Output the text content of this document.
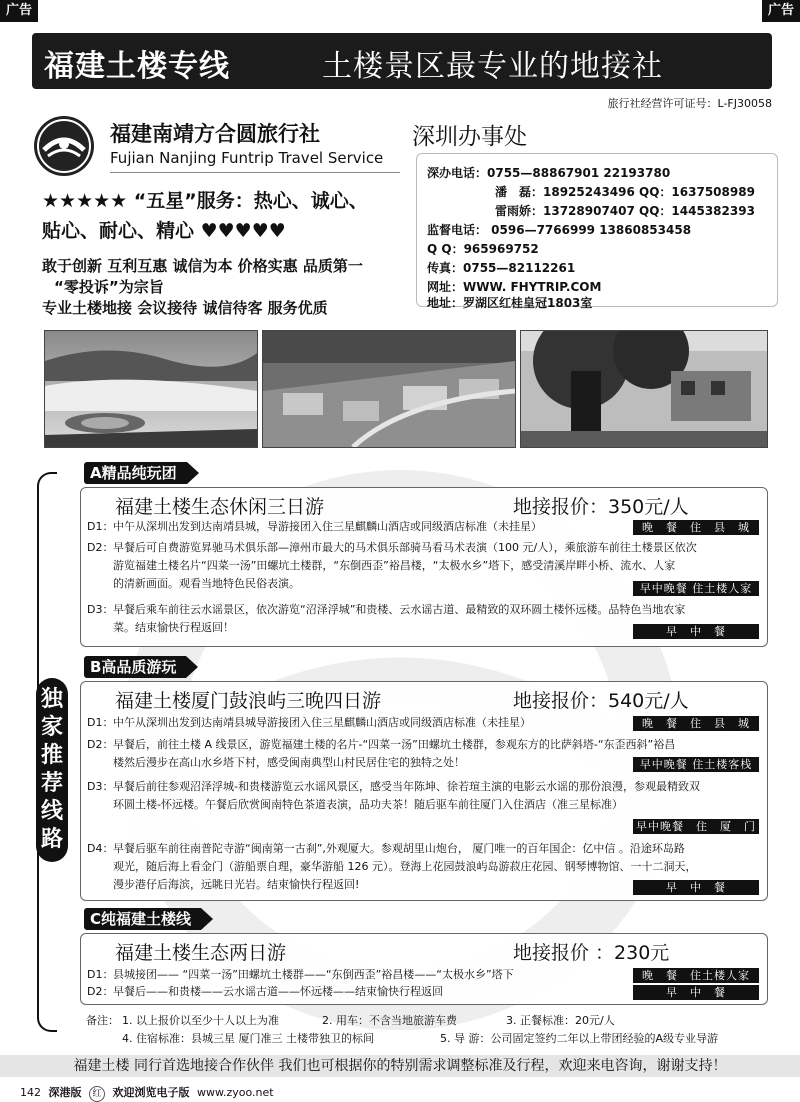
广告	广告
福建土楼专线	土楼景区最专业的地接社
旅行社经营许可证号：L-FJ30058
福建南靖方合圆旅行社
Fujian Nanjing Funtrip Travel Service
深圳办事处
★★★★★ “五星”服务：热心、诚心、
贴心、耐心、精心 ♥♥♥♥♥
敢于创新 互利互惠 诚信为本 价格实惠 品质第一
“零投诉”为宗旨
专业土楼地接 会议接待 诚信待客 服务优质
深办电话：0755—88867901 22193780
潘　磊：18925243496 QQ：1637508989
雷雨娇：13728907407 QQ：1445382393
监督电话： 0596—7766999 13860853458
Q Q：965969752
传真：0755—82112261
网址：WWW. FHYTRIP.COM
地址：罗湖区红桂皇冠1803室
独
家
推
荐
线
路
A精品纯玩团
福建土楼生态休闲三日游	地接报价：350元/人
D1： 中午从深圳出发到达南靖县城，导游接团入住三星麒麟山酒店或同级酒店标准（未挂星）	晚　餐　住　县　城
D2： 早餐后可自费游览昇驰马术俱乐部—漳州市最大的马术俱乐部骑马看马术表演（100 元/人），乘旅游车前往土楼景区依次
游览福建土楼名片“四菜一汤”田螺坑土楼群，“东倒西歪”裕昌楼，“太极水乡”塔下，感受清溪岸畔小桥、流水、人家
的清新画面。观看当地特色民俗表演。	早中晚餐 住土楼人家
D3： 早餐后乘车前往云水谣景区，依次游览“沼泽浮城”和贵楼、云水谣古道、最精致的双环圆土楼怀远楼。品特色当地农家
菜。结束愉快行程返回！	早　中　餐
B高品质游玩
福建土楼厦门鼓浪屿三晚四日游	地接报价：540元/人
D1： 中午从深圳出发到达南靖县城导游接团入住三星麒麟山酒店或同级酒店标准（未挂星）	晚　餐　住　县　城
D2： 早餐后，前往土楼 A 线景区，游览福建土楼的名片-“四菜一汤”田螺坑土楼群，参观东方的比萨斜塔-“东歪西斜”裕昌
楼然后漫步在高山水乡塔下村，感受闽南典型山村民居住宅的独特之处！	早中晚餐 住土楼客栈
D3： 早餐后前往参观沼泽浮城-和贵楼游览云水谣风景区，感受当年陈坤、徐若瑄主演的电影云水谣的那份浪漫，参观最精致双
环圆土楼-怀远楼。午餐后欣赏闽南特色茶道表演，品功夫茶！随后驱车前往厦门入住酒店（准三星标准）
早中晚餐　住　厦　门
D4： 早餐后驱车前往南普陀寺游“闽南第一古刹”,外观厦大。参观胡里山炮台， 厦门唯一的百年国企：亿中信 。沿途环岛路
观光，随后海上看金门（游船票自理，豪华游船 126 元）。登海上花园鼓浪屿岛游菽庄花园、钢琴博物馆、一十二洞天，
漫步港仔后海滨，远眺日光岩。结束愉快行程返回!	早　中　餐
C纯福建土楼线
福建土楼生态两日游	地接报价 ：230元
D1： 县城接团—— “四菜一汤”田螺坑土楼群——“东倒西歪”裕昌楼——“太极水乡”塔下	晚　餐　住土楼人家
D2： 早餐后——和贵楼——云水谣古道——怀远楼——结束愉快行程返回	早　中　餐
备注： 1. 以上报价以至少十人以上为准	2. 用车：不含当地旅游车费	3. 正餐标准：20元/人
4. 住宿标准：县城三星 厦门准三 土楼带独卫的标间	5. 导 游：公司固定签约二年以上带团经验的A级专业导游
福建土楼 同行首选地接合作伙伴 我们也可根据你的特别需求调整标准及行程，欢迎来电咨询，谢谢支持！
142 深港版 红 欢迎浏览电子版 www.zyoo.net
